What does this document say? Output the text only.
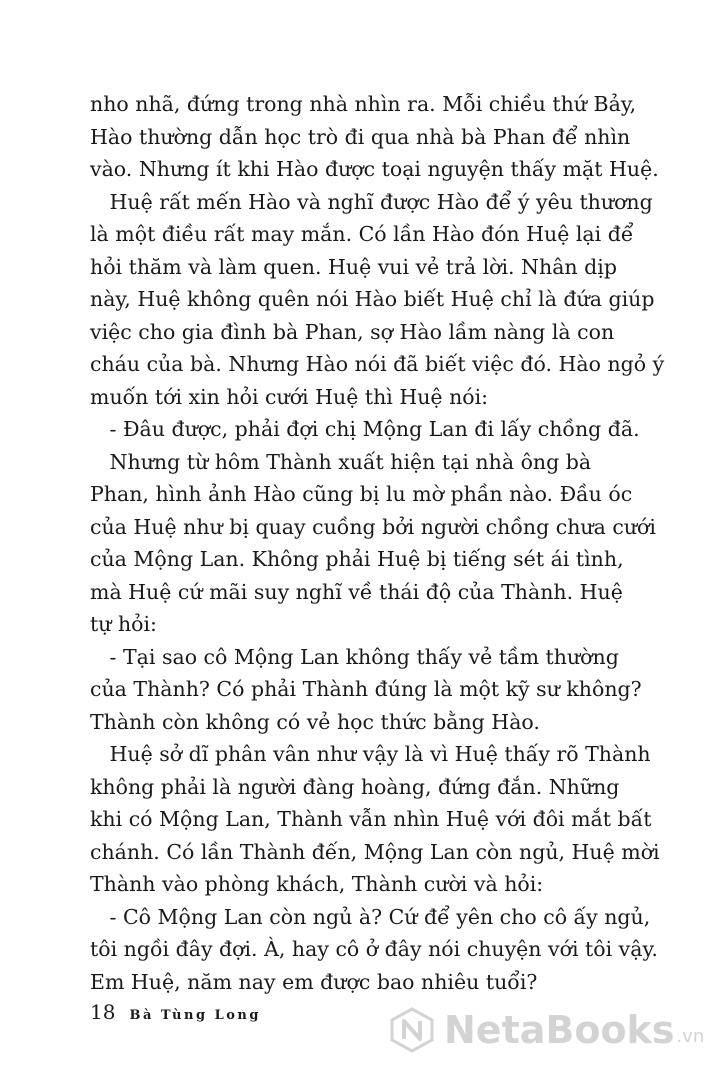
nho nhã, đứng trong nhà nhìn ra. Mỗi chiều thứ Bảy,
Hào thường dẫn học trò đi qua nhà bà Phan để nhìn
vào. Nhưng ít khi Hào được toại nguyện thấy mặt Huệ.
Huệ rất mến Hào và nghĩ được Hào để ý yêu thương
là một điều rất may mắn. Có lần Hào đón Huệ lại để
hỏi thăm và làm quen. Huệ vui vẻ trả lời. Nhân dịp
này, Huệ không quên nói Hào biết Huệ chỉ là đứa giúp
việc cho gia đình bà Phan, sợ Hào lầm nàng là con
cháu của bà. Nhưng Hào nói đã biết việc đó. Hào ngỏ ý
muốn tới xin hỏi cưới Huệ thì Huệ nói:
- Đâu được, phải đợi chị Mộng Lan đi lấy chồng đã.
Nhưng từ hôm Thành xuất hiện tại nhà ông bà
Phan, hình ảnh Hào cũng bị lu mờ phần nào. Đầu óc
của Huệ như bị quay cuồng bởi người chồng chưa cưới
của Mộng Lan. Không phải Huệ bị tiếng sét ái tình,
mà Huệ cứ mãi suy nghĩ về thái độ của Thành. Huệ
tự hỏi:
- Tại sao cô Mộng Lan không thấy vẻ tầm thường
của Thành? Có phải Thành đúng là một kỹ sư không?
Thành còn không có vẻ học thức bằng Hào.
Huệ sở dĩ phân vân như vậy là vì Huệ thấy rõ Thành
không phải là người đàng hoàng, đứng đắn. Những
khi có Mộng Lan, Thành vẫn nhìn Huệ với đôi mắt bất
chánh. Có lần Thành đến, Mộng Lan còn ngủ, Huệ mời
Thành vào phòng khách, Thành cười và hỏi:
- Cô Mộng Lan còn ngủ à? Cứ để yên cho cô ấy ngủ,
tôi ngồi đây đợi. À, hay cô ở đây nói chuyện với tôi vậy.
Em Huệ, năm nay em được bao nhiêu tuổi?
18 Bà Tùng Long	NetaBooks .vn
